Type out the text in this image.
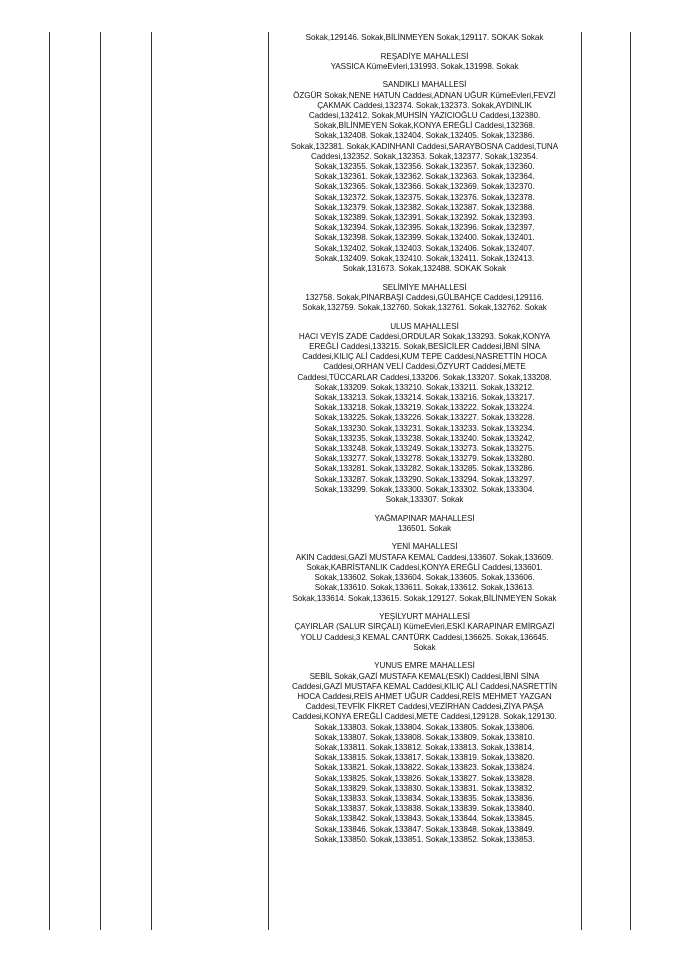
Sokak,129146. Sokak,BİLİNMEYEN Sokak,129117. SOKAK Sokak
REŞADİYE MAHALLESİ
YASSICA KümeEvleri,131993. Sokak,131998. Sokak
SANDIKLI MAHALLESİ
ÖZGÜR Sokak,NENE HATUN Caddesi,ADNAN UĞUR KümeEvleri,FEVZİ
ÇAKMAK Caddesi,132374. Sokak,132373. Sokak,AYDINLIK
Caddesi,132412. Sokak,MUHSİN YAZICIOĞLU Caddesi,132380.
Sokak,BİLİNMEYEN Sokak,KONYA EREĞLİ Caddesi,132368.
Sokak,132408. Sokak,132404. Sokak,132405. Sokak,132386.
Sokak,132381. Sokak,KADINHANI Caddesi,SARAYBOSNA Caddesi,TUNA
Caddesi,132352. Sokak,132353. Sokak,132377. Sokak,132354.
Sokak,132355. Sokak,132356. Sokak,132357. Sokak,132360.
Sokak,132361. Sokak,132362. Sokak,132363. Sokak,132364.
Sokak,132365. Sokak,132366. Sokak,132369. Sokak,132370.
Sokak,132372. Sokak,132375. Sokak,132376. Sokak,132378.
Sokak,132379. Sokak,132382. Sokak,132387. Sokak,132388.
Sokak,132389. Sokak,132391. Sokak,132392. Sokak,132393.
Sokak,132394. Sokak,132395. Sokak,132396. Sokak,132397.
Sokak,132398. Sokak,132399. Sokak,132400. Sokak,132401.
Sokak,132402. Sokak,132403. Sokak,132406. Sokak,132407.
Sokak,132409. Sokak,132410. Sokak,132411. Sokak,132413.
Sokak,131673. Sokak,132488. SOKAK Sokak
SELİMİYE MAHALLESİ
132758. Sokak,PINARBAŞI Caddesi,GÜLBAHÇE Caddesi,129116.
Sokak,132759. Sokak,132760. Sokak,132761. Sokak,132762. Sokak
ULUS MAHALLESİ
HACI VEYİS ZADE Caddesi,ORDULAR Sokak,133293. Sokak,KONYA
EREĞLİ Caddesi,133215. Sokak,BESİCİLER Caddesi,İBNİ SİNA
Caddesi,KILIÇ ALİ Caddesi,KUM TEPE Caddesi,NASRETTİN HOCA
Caddesi,ORHAN VELİ Caddesi,ÖZYURT Caddesi,METE
Caddesi,TÜCCARLAR Caddesi,133206. Sokak,133207. Sokak,133208.
Sokak,133209. Sokak,133210. Sokak,133211. Sokak,133212.
Sokak,133213. Sokak,133214. Sokak,133216. Sokak,133217.
Sokak,133218. Sokak,133219. Sokak,133222. Sokak,133224.
Sokak,133225. Sokak,133226. Sokak,133227. Sokak,133228.
Sokak,133230. Sokak,133231. Sokak,133233. Sokak,133234.
Sokak,133235. Sokak,133238. Sokak,133240. Sokak,133242.
Sokak,133248. Sokak,133249. Sokak,133273. Sokak,133275.
Sokak,133277. Sokak,133278. Sokak,133279. Sokak,133280.
Sokak,133281. Sokak,133282. Sokak,133285. Sokak,133286.
Sokak,133287. Sokak,133290. Sokak,133294. Sokak,133297.
Sokak,133299. Sokak,133300. Sokak,133302. Sokak,133304.
Sokak,133307. Sokak
YAĞMAPINAR MAHALLESİ
136501. Sokak
YENİ MAHALLESİ
AKIN Caddesi,GAZİ MUSTAFA KEMAL Caddesi,133607. Sokak,133609.
Sokak,KABRİSTANLIK Caddesi,KONYA EREĞLİ Caddesi,133601.
Sokak,133602. Sokak,133604. Sokak,133605. Sokak,133606.
Sokak,133610. Sokak,133611. Sokak,133612. Sokak,133613.
Sokak,133614. Sokak,133615. Sokak,129127. Sokak,BİLİNMEYEN Sokak
YEŞİLYURT MAHALLESİ
ÇAYIRLAR (SALUR SIRÇALI) KümeEvleri,ESKİ KARAPINAR EMİRGAZİ
YOLU Caddesi,3 KEMAL CANTÜRK Caddesi,136625. Sokak,136645.
Sokak
YUNUS EMRE MAHALLESİ
SEBİL Sokak,GAZİ MUSTAFA KEMAL(ESKİ) Caddesi,İBNİ SİNA
Caddesi,GAZİ MUSTAFA KEMAL Caddesi,KILIÇ ALİ Caddesi,NASRETTİN
HOCA Caddesi,REİS AHMET UĞUR Caddesi,REİS MEHMET YAZGAN
Caddesi,TEVFİK FİKRET Caddesi,VEZİRHAN Caddesi,ZİYA PAŞA
Caddesi,KONYA EREĞLİ Caddesi,METE Caddesi,129128. Sokak,129130.
Sokak,133803. Sokak,133804. Sokak,133805. Sokak,133806.
Sokak,133807. Sokak,133808. Sokak,133809. Sokak,133810.
Sokak,133811. Sokak,133812. Sokak,133813. Sokak,133814.
Sokak,133815. Sokak,133817. Sokak,133819. Sokak,133820.
Sokak,133821. Sokak,133822. Sokak,133823. Sokak,133824.
Sokak,133825. Sokak,133826. Sokak,133827. Sokak,133828.
Sokak,133829. Sokak,133830. Sokak,133831. Sokak,133832.
Sokak,133833. Sokak,133834. Sokak,133835. Sokak,133836.
Sokak,133837. Sokak,133838. Sokak,133839. Sokak,133840.
Sokak,133842. Sokak,133843. Sokak,133844. Sokak,133845.
Sokak,133846. Sokak,133847. Sokak,133848. Sokak,133849.
Sokak,133850. Sokak,133851. Sokak,133852. Sokak,133853.
